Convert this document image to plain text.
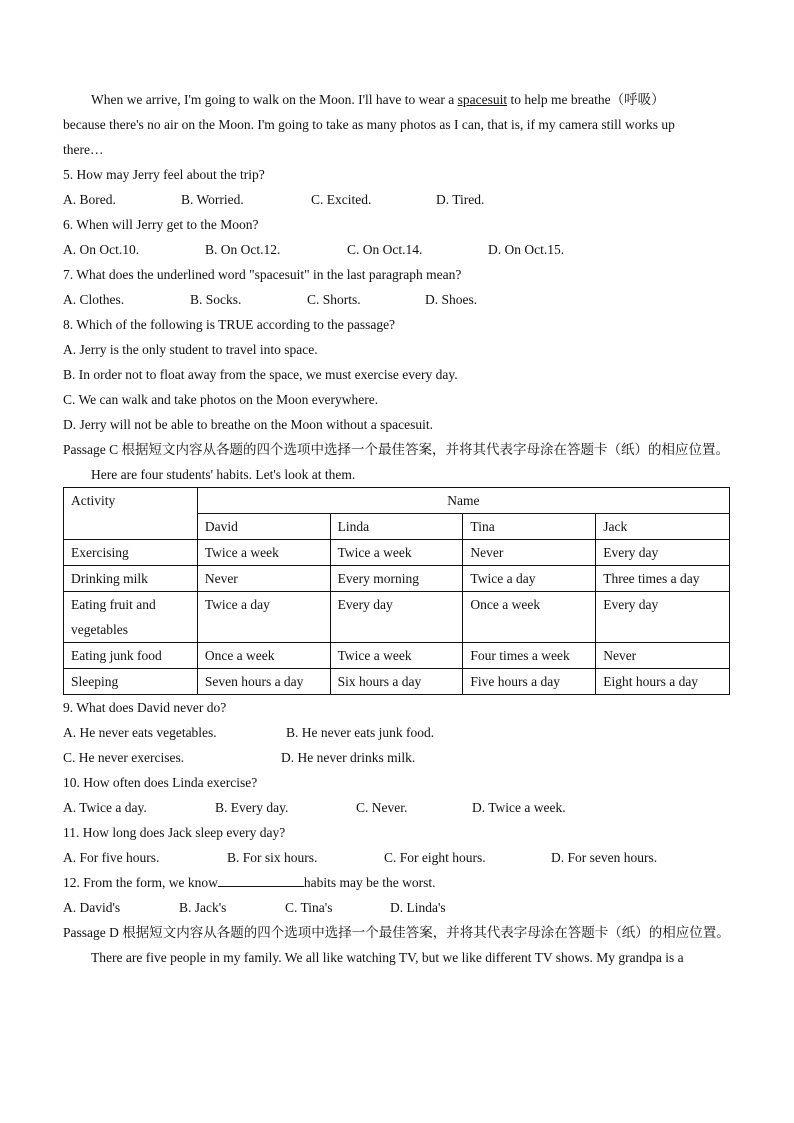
When we arrive, I'm going to walk on the Moon. I'll have to wear a spacesuit to help me breathe（呼吸）
because there's no air on the Moon. I'm going to take as many photos as I can, that is, if my camera still works up
there…
5. How may Jerry feel about the trip?
A. Bored.	B. Worried.	C. Excited.	D. Tired.
6. When will Jerry get to the Moon?
A. On Oct.10.	B. On Oct.12.	C. On Oct.14.	D. On Oct.15.
7. What does the underlined word "spacesuit" in the last paragraph mean?
A. Clothes.	B. Socks.	C. Shorts.	D. Shoes.
8. Which of the following is TRUE according to the passage?
A. Jerry is the only student to travel into space.
B. In order not to float away from the space, we must exercise every day.
C. We can walk and take photos on the Moon everywhere.
D. Jerry will not be able to breathe on the Moon without a spacesuit.
Passage C 根据短文内容从各题的四个选项中选择一个最佳答案，并将其代表字母涂在答题卡（纸）的相应位置。
Here are four students' habits. Let's look at them.
Activity	Name			
	David	Linda	Tina	Jack
Exercising	Twice a week	Twice a week	Never	Every day
Drinking milk	Never	Every morning	Twice a day	Three times a day
Eating fruit and vegetables	Twice a day	Every day	Once a week	Every day
Eating junk food	Once a week	Twice a week	Four times a week	Never
Sleeping	Seven hours a day	Six hours a day	Five hours a day	Eight hours a day
9. What does David never do?
A. He never eats vegetables.	B. He never eats junk food.
C. He never exercises.	D. He never drinks milk.
10. How often does Linda exercise?
A. Twice a day.	B. Every day.	C. Never.	D. Twice a week.
11. How long does Jack sleep every day?
A. For five hours.	B. For six hours.	C. For eight hours.	D. For seven hours.
12. From the form, we know	habits may be the worst.
A. David's	B. Jack's	C. Tina's	D. Linda's
Passage D 根据短文内容从各题的四个选项中选择一个最佳答案，并将其代表字母涂在答题卡（纸）的相应位置。
There are five people in my family. We all like watching TV, but we like different TV shows. My grandpa is a
